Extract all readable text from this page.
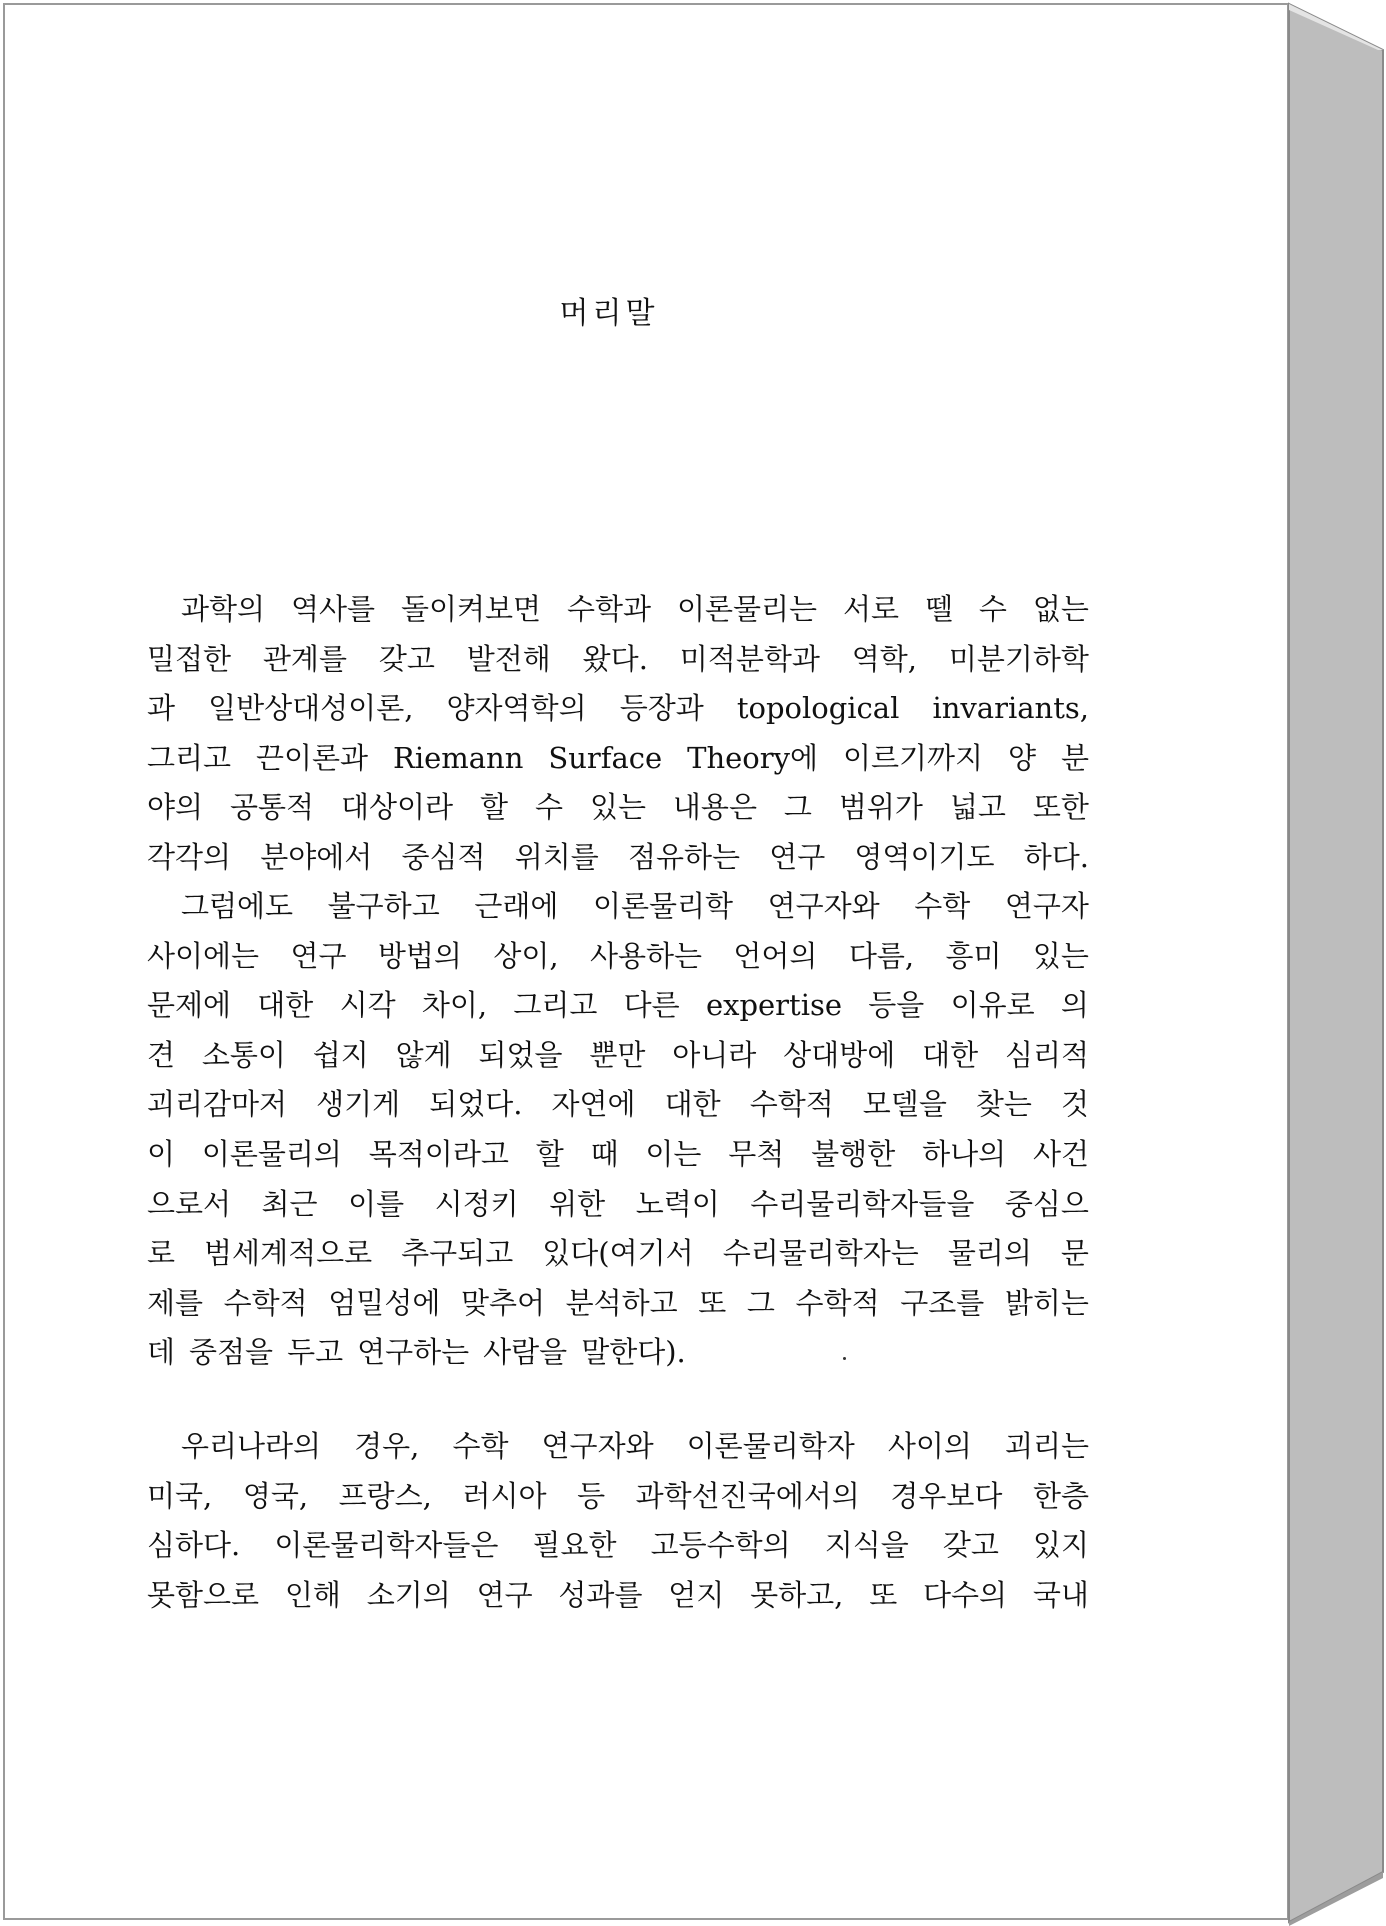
머리말
과학의 역사를 돌이켜보면 수학과 이론물리는 서로 뗄 수 없는
밀접한 관계를 갖고 발전해 왔다. 미적분학과 역학, 미분기하학
과 일반상대성이론, 양자역학의 등장과 topological invariants,
그리고 끈이론과 Riemann Surface Theory에 이르기까지 양 분
야의 공통적 대상이라 할 수 있는 내용은 그 범위가 넓고 또한
각각의 분야에서 중심적 위치를 점유하는 연구 영역이기도 하다.
그럼에도 불구하고 근래에 이론물리학 연구자와 수학 연구자
사이에는 연구 방법의 상이, 사용하는 언어의 다름, 흥미 있는
문제에 대한 시각 차이, 그리고 다른 expertise 등을 이유로 의
견 소통이 쉽지 않게 되었을 뿐만 아니라 상대방에 대한 심리적
괴리감마저 생기게 되었다. 자연에 대한 수학적 모델을 찾는 것
이 이론물리의 목적이라고 할 때 이는 무척 불행한 하나의 사건
으로서 최근 이를 시정키 위한 노력이 수리물리학자들을 중심으
로 범세계적으로 추구되고 있다(여기서 수리물리학자는 물리의 문
제를 수학적 엄밀성에 맞추어 분석하고 또 그 수학적 구조를 밝히는
데 중점을 두고 연구하는 사람을 말한다).
우리나라의 경우, 수학 연구자와 이론물리학자 사이의 괴리는
미국, 영국, 프랑스, 러시아 등 과학선진국에서의 경우보다 한층
심하다. 이론물리학자들은 필요한 고등수학의 지식을 갖고 있지
못함으로 인해 소기의 연구 성과를 얻지 못하고, 또 다수의 국내
